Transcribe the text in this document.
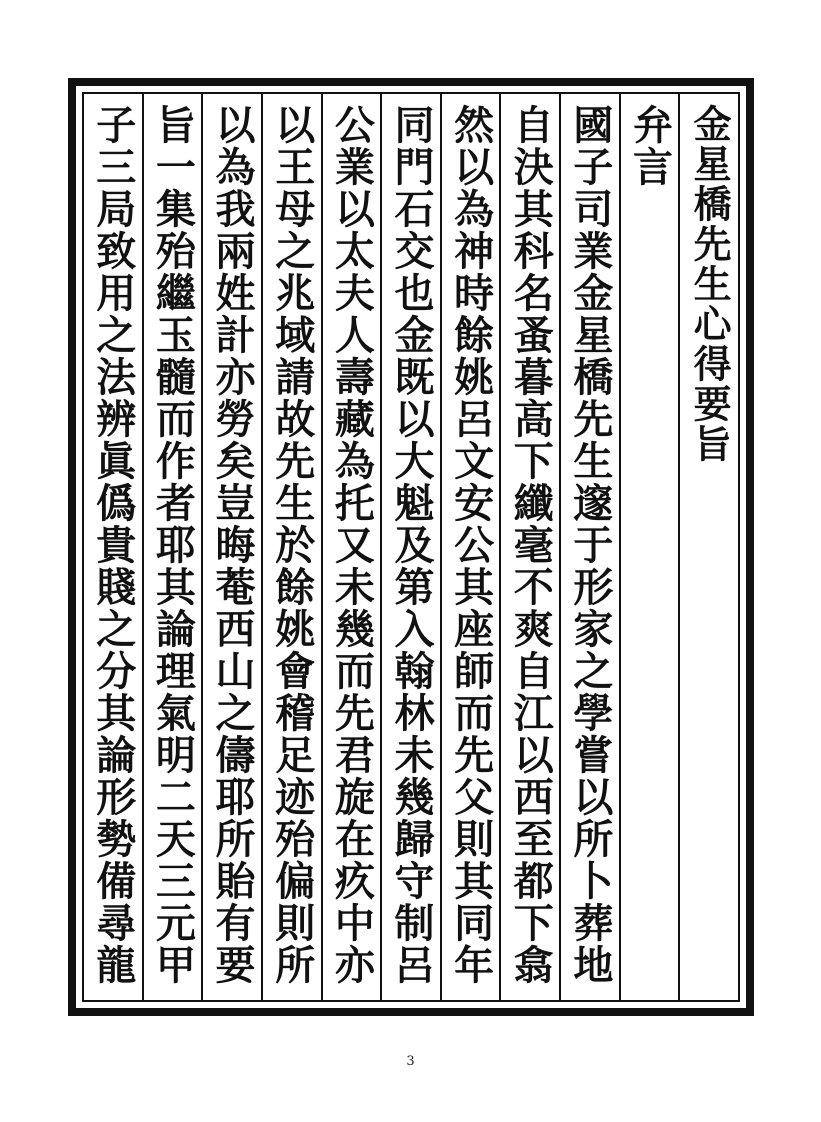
金星橋先生心得要旨
弁言
國子司業金星橋先生邃于形家之學嘗以所卜葬地
自決其科名蚤暮高下纖毫不爽自江以西至都下翕
然以為神時餘姚呂文安公其座師而先父則其同年
同門石交也金既以大魁及第入翰林未幾歸守制呂
公業以太夫人壽藏為托又未幾而先君旋在疚中亦
以王母之兆域請故先生於餘姚會稽足迹殆偏則所
以為我兩姓計亦勞矣豈晦菴西山之儔耶所貽有要
旨一集殆繼玉髓而作者耶其論理氣明二天三元甲
子三局致用之法辨眞僞貴賤之分其論形勢備尋龍
3
